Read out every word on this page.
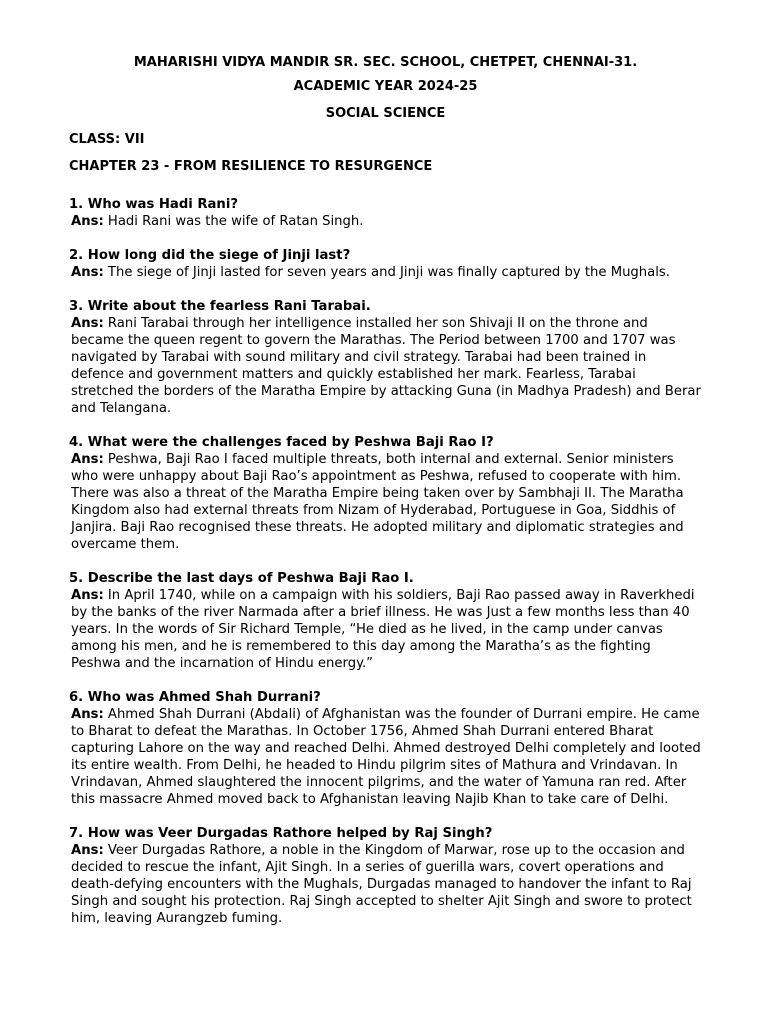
MAHARISHI VIDYA MANDIR SR. SEC. SCHOOL, CHETPET, CHENNAI-31.
ACADEMIC YEAR 2024-25
SOCIAL SCIENCE
CLASS: VII
CHAPTER 23 - FROM RESILIENCE TO RESURGENCE
1. Who was Hadi Rani?
Ans: Hadi Rani was the wife of Ratan Singh.
2. How long did the siege of Jinji last?
Ans: The siege of Jinji lasted for seven years and Jinji was finally captured by the Mughals.
3. Write about the fearless Rani Tarabai.
Ans: Rani Tarabai through her intelligence installed her son Shivaji II on the throne and became the queen regent to govern the Marathas. The Period between 1700 and 1707 was navigated by Tarabai with sound military and civil strategy. Tarabai had been trained in defence and government matters and quickly established her mark. Fearless, Tarabai stretched the borders of the Maratha Empire by attacking Guna (in Madhya Pradesh) and Berar and Telangana.
4. What were the challenges faced by Peshwa Baji Rao I?
Ans: Peshwa, Baji Rao I faced multiple threats, both internal and external. Senior ministers who were unhappy about Baji Rao’s appointment as Peshwa, refused to cooperate with him. There was also a threat of the Maratha Empire being taken over by Sambhaji II. The Maratha Kingdom also had external threats from Nizam of Hyderabad, Portuguese in Goa, Siddhis of Janjira. Baji Rao recognised these threats. He adopted military and diplomatic strategies and overcame them.
5. Describe the last days of Peshwa Baji Rao I.
Ans: In April 1740, while on a campaign with his soldiers, Baji Rao passed away in Raverkhedi by the banks of the river Narmada after a brief illness. He was Just a few months less than 40 years. In the words of Sir Richard Temple, “He died as he lived, in the camp under canvas among his men, and he is remembered to this day among the Maratha’s as the fighting Peshwa and the incarnation of Hindu energy.”
6. Who was Ahmed Shah Durrani?
Ans: Ahmed Shah Durrani (Abdali) of Afghanistan was the founder of Durrani empire. He came to Bharat to defeat the Marathas. In October 1756, Ahmed Shah Durrani entered Bharat capturing Lahore on the way and reached Delhi. Ahmed destroyed Delhi completely and looted its entire wealth. From Delhi, he headed to Hindu pilgrim sites of Mathura and Vrindavan. In Vrindavan, Ahmed slaughtered the innocent pilgrims, and the water of Yamuna ran red. After this massacre Ahmed moved back to Afghanistan leaving Najib Khan to take care of Delhi.
7. How was Veer Durgadas Rathore helped by Raj Singh?
Ans: Veer Durgadas Rathore, a noble in the Kingdom of Marwar, rose up to the occasion and decided to rescue the infant, Ajit Singh. In a series of guerilla wars, covert operations and death-defying encounters with the Mughals, Durgadas managed to handover the infant to Raj Singh and sought his protection. Raj Singh accepted to shelter Ajit Singh and swore to protect him, leaving Aurangzeb fuming.
